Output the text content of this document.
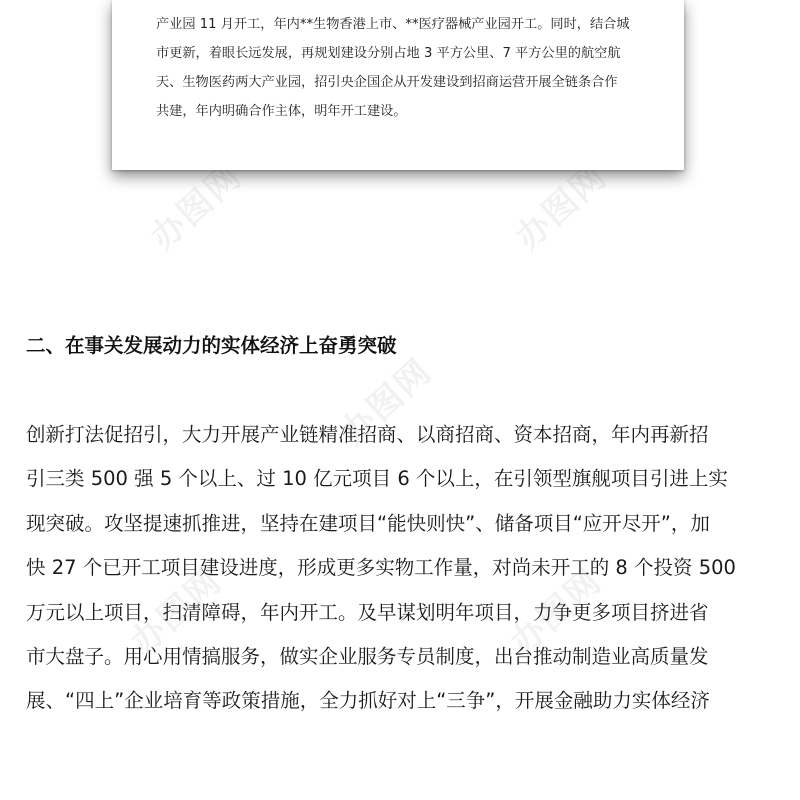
办图网	办图网
办图网
办图网	办图网
产业园 11 月开工，年内**生物香港上市、**医疗器械产业园开工。同时，结合城
市更新，着眼长远发展，再规划建设分别占地 3 平方公里、7 平方公里的航空航
天、生物医药两大产业园，招引央企国企从开发建设到招商运营开展全链条合作
共建，年内明确合作主体，明年开工建设。
二、在事关发展动力的实体经济上奋勇突破
创新打法促招引，大力开展产业链精准招商、以商招商、资本招商，年内再新招
引三类 500 强 5 个以上、过 10 亿元项目 6 个以上，在引领型旗舰项目引进上实
现突破。攻坚提速抓推进，坚持在建项目“能快则快”、储备项目“应开尽开”，加
快 27 个已开工项目建设进度，形成更多实物工作量，对尚未开工的 8 个投资 500
万元以上项目，扫清障碍，年内开工。及早谋划明年项目，力争更多项目挤进省
市大盘子。用心用情搞服务，做实企业服务专员制度，出台推动制造业高质量发
展、“四上”企业培育等政策措施，全力抓好对上“三争”，开展金融助力实体经济
